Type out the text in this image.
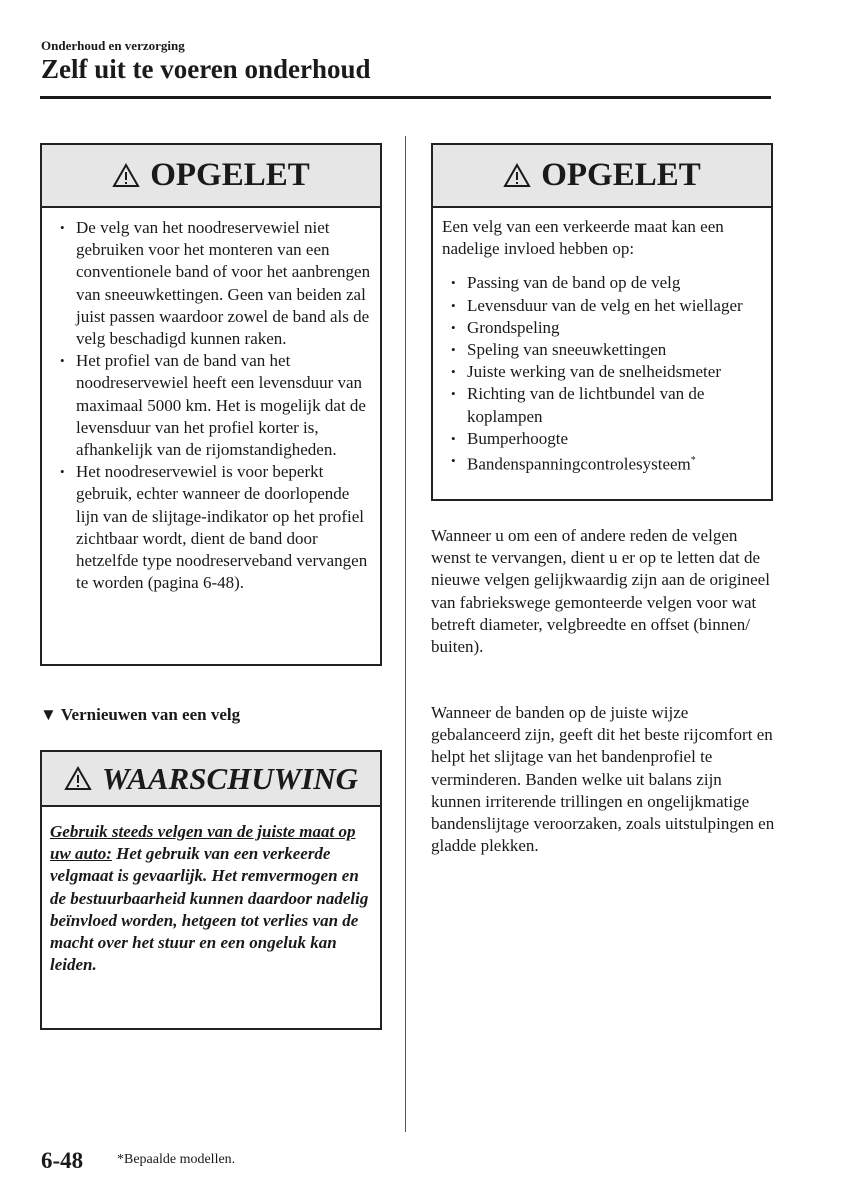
Onderhoud en verzorging
Zelf uit te voeren onderhoud
OPGELET
• De velg van het noodreservewiel niet gebruiken voor het monteren van een conventionele band of voor het aanbrengen van sneeuwkettingen. Geen van beiden zal juist passen waardoor zowel de band als de velg beschadigd kunnen raken.
• Het profiel van de band van het noodreservewiel heeft een levensduur van maximaal 5000 km. Het is mogelijk dat de levensduur van het profiel korter is, afhankelijk van de rijomstandigheden.
• Het noodreservewiel is voor beperkt gebruik, echter wanneer de doorlopende lijn van de slijtage-indikator op het profiel zichtbaar wordt, dient de band door hetzelfde type noodreserveband vervangen te worden (pagina 6-48).
▼ Vernieuwen van een velg
WAARSCHUWING
Gebruik steeds velgen van de juiste maat op uw auto: Het gebruik van een verkeerde velgmaat is gevaarlijk. Het remvermogen en de bestuurbaarheid kunnen daardoor nadelig beïnvloed worden, hetgeen tot verlies van de macht over het stuur en een ongeluk kan leiden.
OPGELET
Een velg van een verkeerde maat kan een nadelige invloed hebben op:
• Passing van de band op de velg
• Levensduur van de velg en het wiellager
• Grondspeling
• Speling van sneeuwkettingen
• Juiste werking van de snelheidsmeter
• Richting van de lichtbundel van de koplampen
• Bumperhoogte
• Bandenspanningcontrolesysteem*
Wanneer u om een of andere reden de velgen wenst te vervangen, dient u er op te letten dat de nieuwe velgen gelijkwaardig zijn aan de origineel van fabriekswege gemonteerde velgen voor wat betreft diameter, velgbreedte en offset (binnen/ buiten).
Wanneer de banden op de juiste wijze gebalanceerd zijn, geeft dit het beste rijcomfort en helpt het slijtage van het bandenprofiel te verminderen. Banden welke uit balans zijn kunnen irriterende trillingen en ongelijkmatige bandenslijtage veroorzaken, zoals uitstulpingen en gladde plekken.
6-48 *Bepaalde modellen.
